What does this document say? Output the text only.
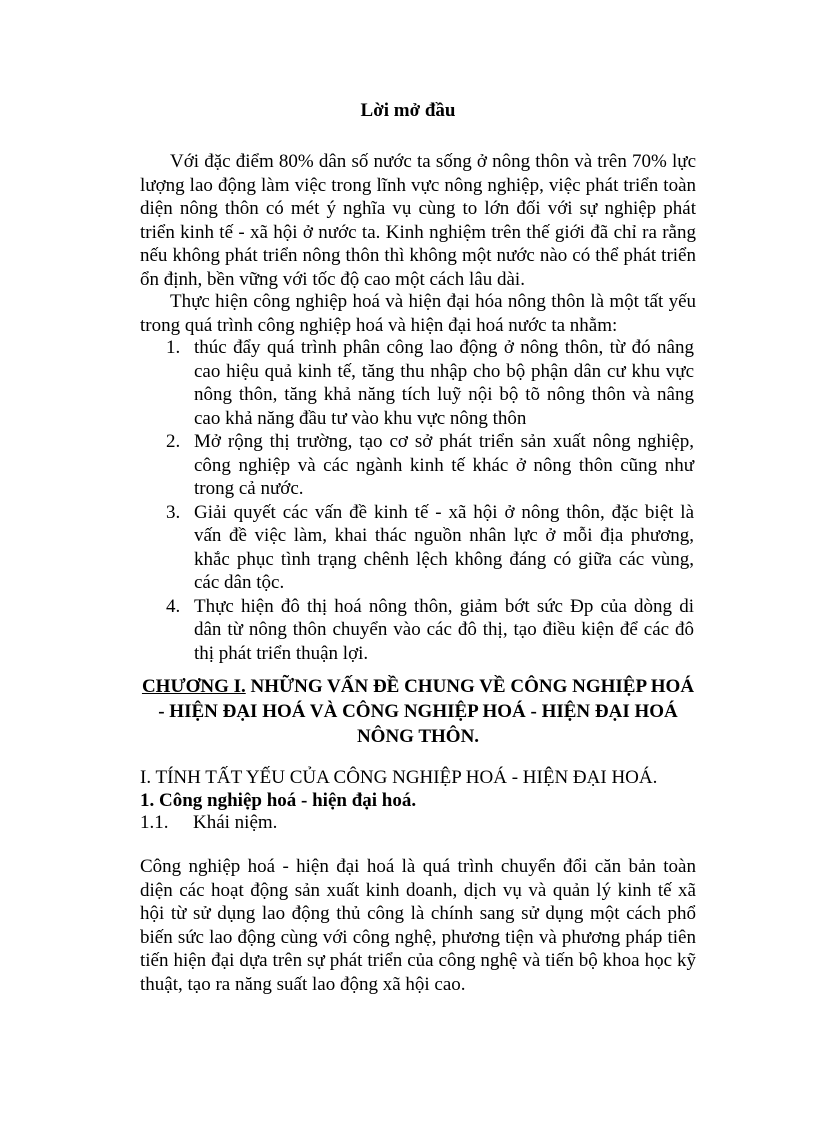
Lời mở đầu

Với đặc điểm 80% dân số nước ta sống ở nông thôn và trên 70% lực lượng lao động làm việc trong lĩnh vực nông nghiệp, việc phát triển toàn diện nông thôn có mét ý nghĩa vụ cùng to lớn đối với sự nghiệp phát triển kinh tế - xã hội ở nước ta. Kinh nghiệm trên thế giới đã chỉ ra rằng nếu không phát triển nông thôn thì không một nước nào có thể phát triển ổn định, bền vững với tốc độ cao một cách lâu dài.

Thực hiện công nghiệp hoá và hiện đại hóa nông thôn là một tất yếu trong quá trình công nghiệp hoá và hiện đại hoá nước ta nhằm:

1. thúc đẩy quá trình phân công lao động ở nông thôn, từ đó nâng cao hiệu quả kinh tế, tăng thu nhập cho bộ phận dân cư khu vực nông thôn, tăng khả năng tích luỹ nội bộ tõ nông thôn và nâng cao khả năng đầu tư vào khu vực nông thôn
2. Mở rộng thị trường, tạo cơ sở phát triển sản xuất nông nghiệp, công nghiệp và các ngành kinh tế khác ở nông thôn cũng như trong cả nước.
3. Giải quyết các vấn đề kinh tế - xã hội ở nông thôn, đặc biệt là vấn đề việc làm, khai thác nguồn nhân lực ở mỗi địa phương, khắc phục tình trạng chênh lệch không đáng có giữa các vùng, các dân tộc.
4. Thực hiện đô thị hoá nông thôn, giảm bớt sức Ðp của dòng di dân từ nông thôn chuyển vào các đô thị, tạo điều kiện để các đô thị phát triển thuận lợi.
CHƯƠNG I. NHỮNG VẤN ĐỀ CHUNG VỀ CÔNG NGHIỆP HOÁ - HIỆN ĐẠI HOÁ VÀ CÔNG NGHIỆP HOÁ - HIỆN ĐẠI HOÁ NÔNG THÔN.

I. TÍNH TẤT YẾU CỦA CÔNG NGHIỆP HOÁ - HIỆN ĐẠI HOÁ.

1. Công nghiệp hoá - hiện đại hoá.

1.1. Khái niệm.

Công nghiệp hoá - hiện đại hoá là quá trình chuyển đổi căn bản toàn diện các hoạt động sản xuất kinh doanh, dịch vụ và quản lý kinh tế xã hội từ sử dụng lao động thủ công là chính sang sử dụng một cách phổ biến sức lao động cùng với công nghệ, phương tiện và phương pháp tiên tiến hiện đại dựa trên sự phát triển của công nghệ và tiến bộ khoa học kỹ thuật, tạo ra năng suất lao động xã hội cao.
